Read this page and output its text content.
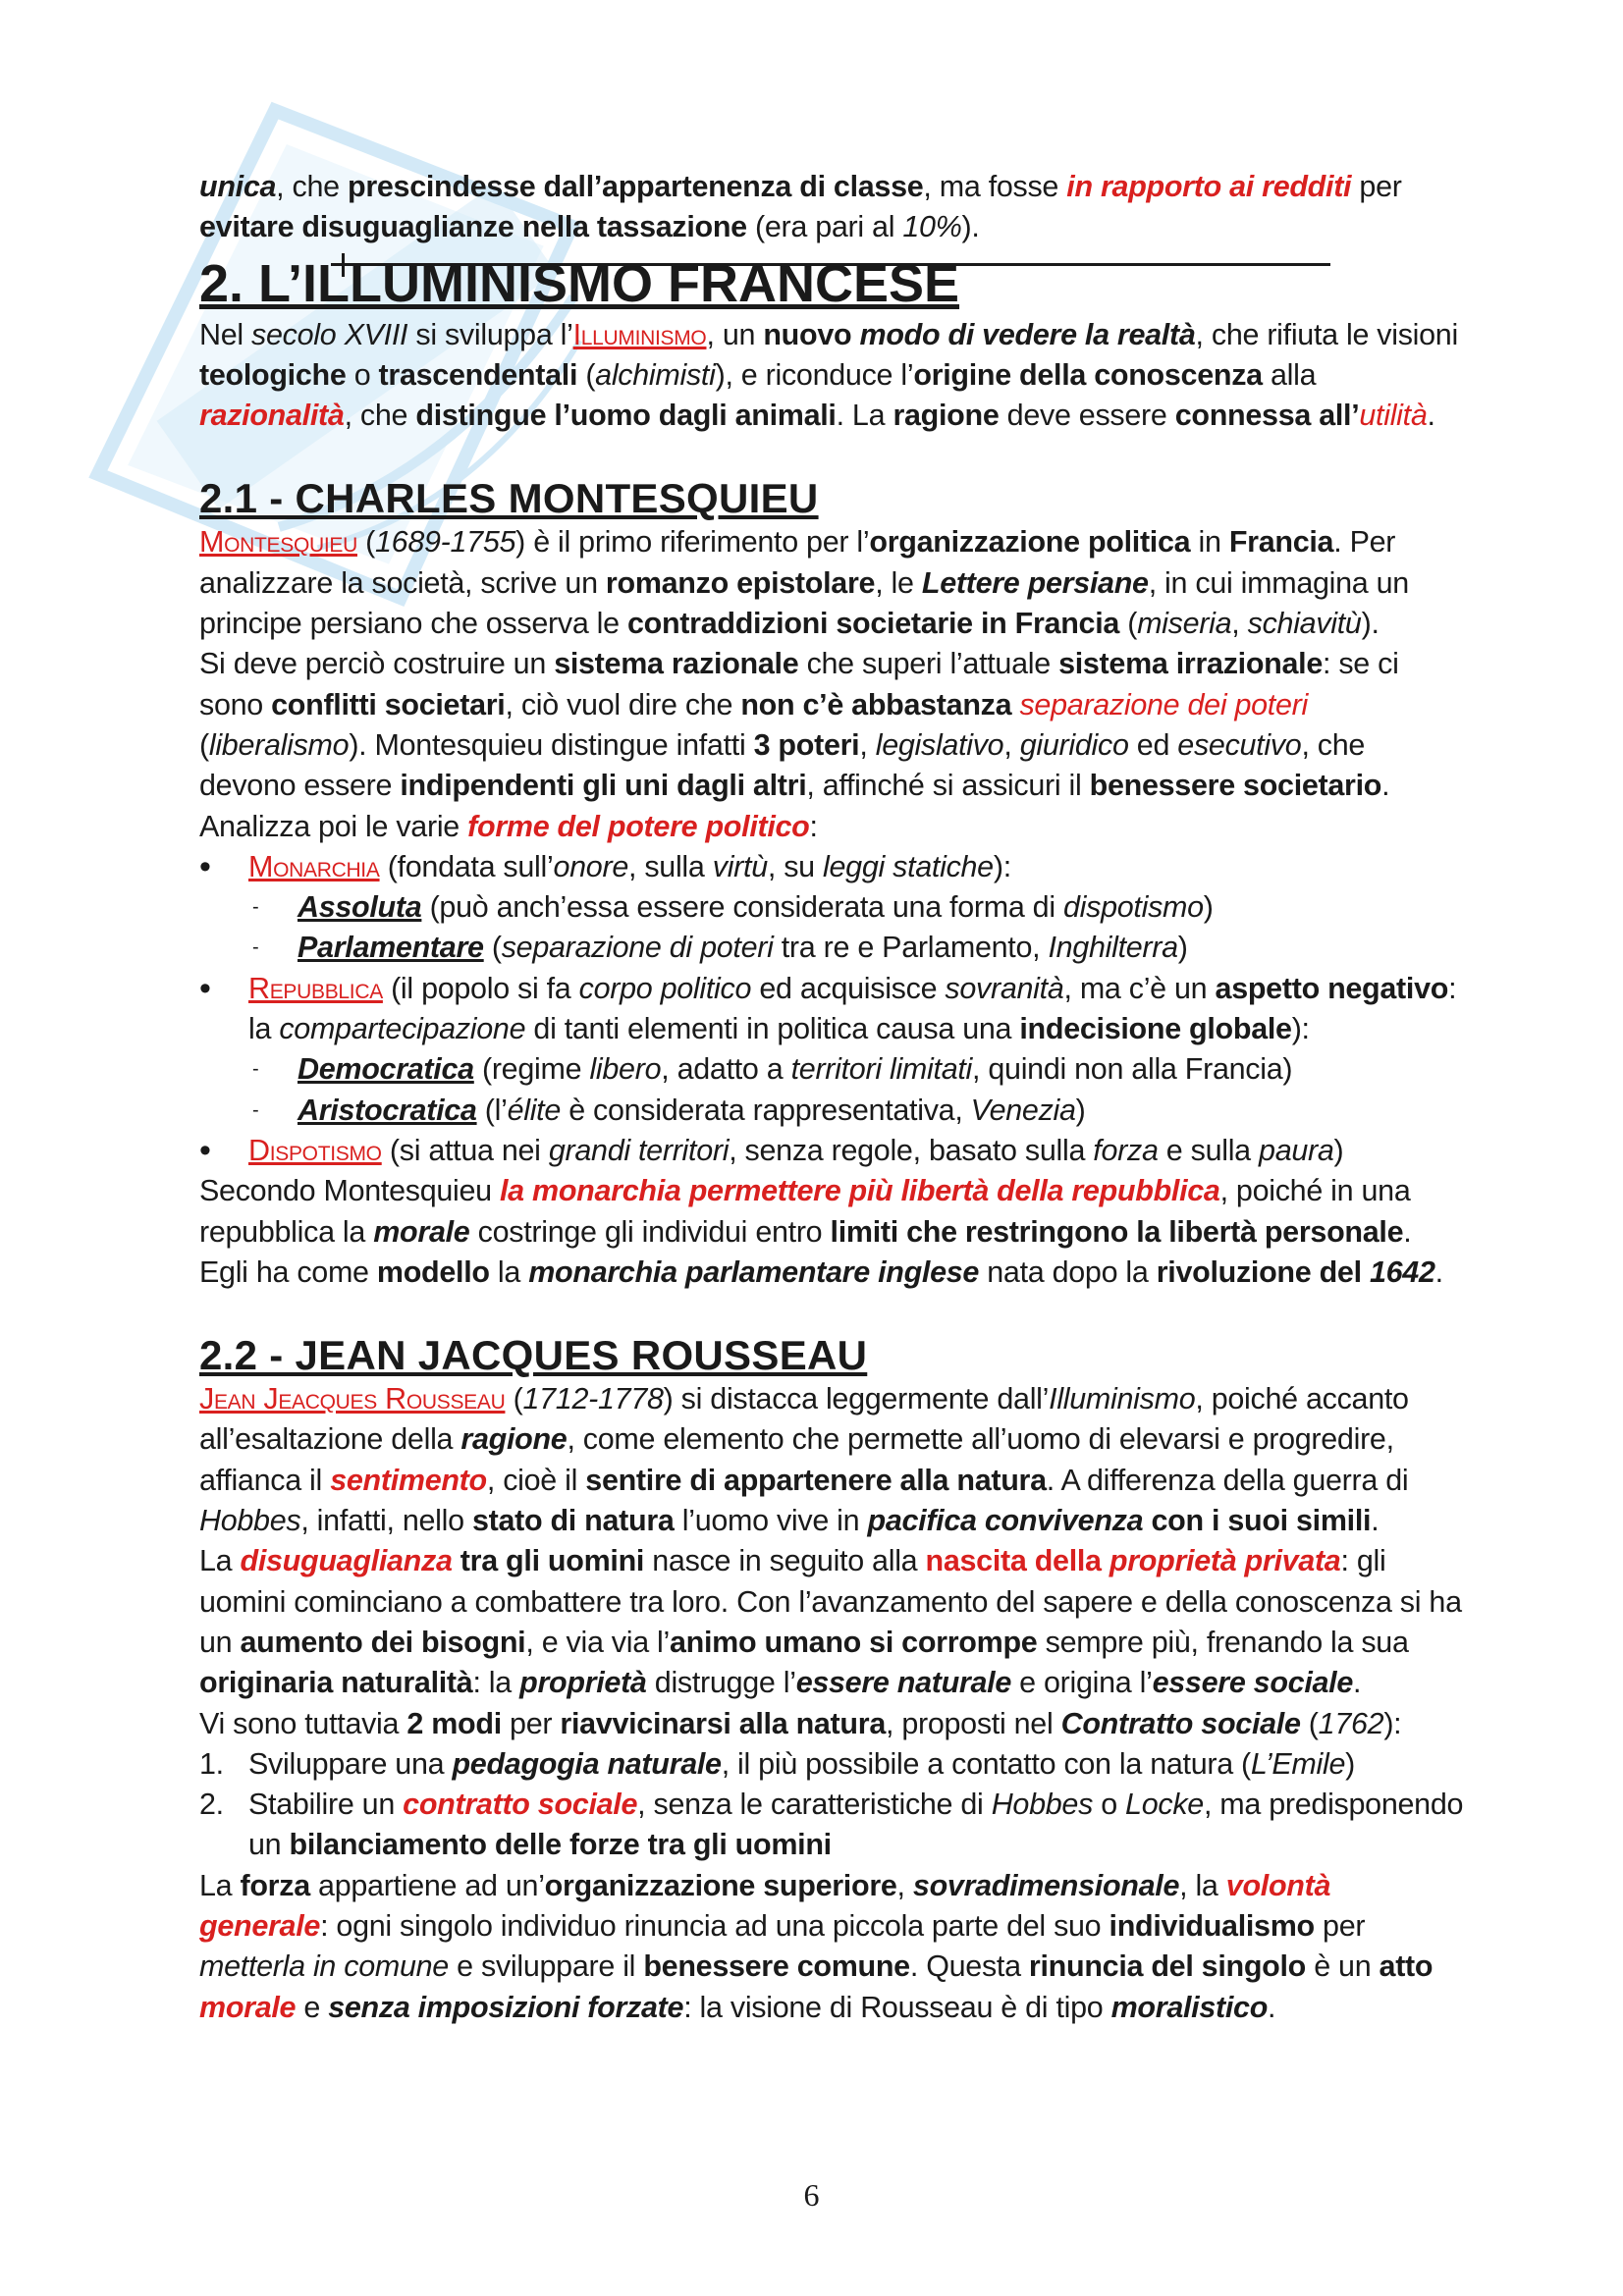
unica, che prescindesse dall’appartenenza di classe, ma fosse in rapporto ai redditi per evitare disuguaglianze nella tassazione (era pari al 10%).

2. L’ILLUMINISMO FRANCESE

Nel secolo XVIII si sviluppa l’Illuminismo, un nuovo modo di vedere la realtà, che rifiuta le visioni teologiche o trascendentali (alchimisti), e riconduce l’origine della conoscenza alla razionalità, che distingue l’uomo dagli animali. La ragione deve essere connessa all’utilità.

2.1 - CHARLES MONTESQUIEU

Montesquieu (1689-1755) è il primo riferimento per l’organizzazione politica in Francia. Per analizzare la società, scrive un romanzo epistolare, le Lettere persiane, in cui immagina un principe persiano che osserva le contraddizioni societarie in Francia (miseria, schiavitù).

Si deve perciò costruire un sistema razionale che superi l’attuale sistema irrazionale: se ci sono conflitti societari, ciò vuol dire che non c’è abbastanza separazione dei poteri (liberalismo). Montesquieu distingue infatti 3 poteri, legislativo, giuridico ed esecutivo, che devono essere indipendenti gli uni dagli altri, affinché si assicuri il benessere societario.

Analizza poi le varie forme del potere politico:

• Monarchia (fondata sull’onore, sulla virtù, su leggi statiche):
- Assoluta (può anch’essa essere considerata una forma di dispotismo)
- Parlamentare (separazione di poteri tra re e Parlamento, Inghilterra)
• Repubblica (il popolo si fa corpo politico ed acquisisce sovranità, ma c’è un aspetto negativo: la compartecipazione di tanti elementi in politica causa una indecisione globale):
- Democratica (regime libero, adatto a territori limitati, quindi non alla Francia)
- Aristocratica (l’élite è considerata rappresentativa, Venezia)
• Dispotismo (si attua nei grandi territori, senza regole, basato sulla forza e sulla paura)

Secondo Montesquieu la monarchia permettere più libertà della repubblica, poiché in una repubblica la morale costringe gli individui entro limiti che restringono la libertà personale.

Egli ha come modello la monarchia parlamentare inglese nata dopo la rivoluzione del 1642.

2.2 - JEAN JACQUES ROUSSEAU

Jean Jeacques Rousseau (1712-1778) si distacca leggermente dall’Illuminismo, poiché accanto all’esaltazione della ragione, come elemento che permette all’uomo di elevarsi e progredire, affianca il sentimento, cioè il sentire di appartenere alla natura. A differenza della guerra di Hobbes, infatti, nello stato di natura l’uomo vive in pacifica convivenza con i suoi simili.

La disuguaglianza tra gli uomini nasce in seguito alla nascita della proprietà privata: gli uomini cominciano a combattere tra loro. Con l’avanzamento del sapere e della conoscenza si ha un aumento dei bisogni, e via via l’animo umano si corrompe sempre più, frenando la sua originaria naturalità: la proprietà distrugge l’essere naturale e origina l’essere sociale.

Vi sono tuttavia 2 modi per riavvicinarsi alla natura, proposti nel Contratto sociale (1762):

1. Sviluppare una pedagogia naturale, il più possibile a contatto con la natura (L’Emile)
2. Stabilire un contratto sociale, senza le caratteristiche di Hobbes o Locke, ma predisponendo un bilanciamento delle forze tra gli uomini

La forza appartiene ad un’organizzazione superiore, sovradimensionale, la volontà generale: ogni singolo individuo rinuncia ad una piccola parte del suo individualismo per metterla in comune e sviluppare il benessere comune. Questa rinuncia del singolo è un atto morale e senza imposizioni forzate: la visione di Rousseau è di tipo moralistico.

6
